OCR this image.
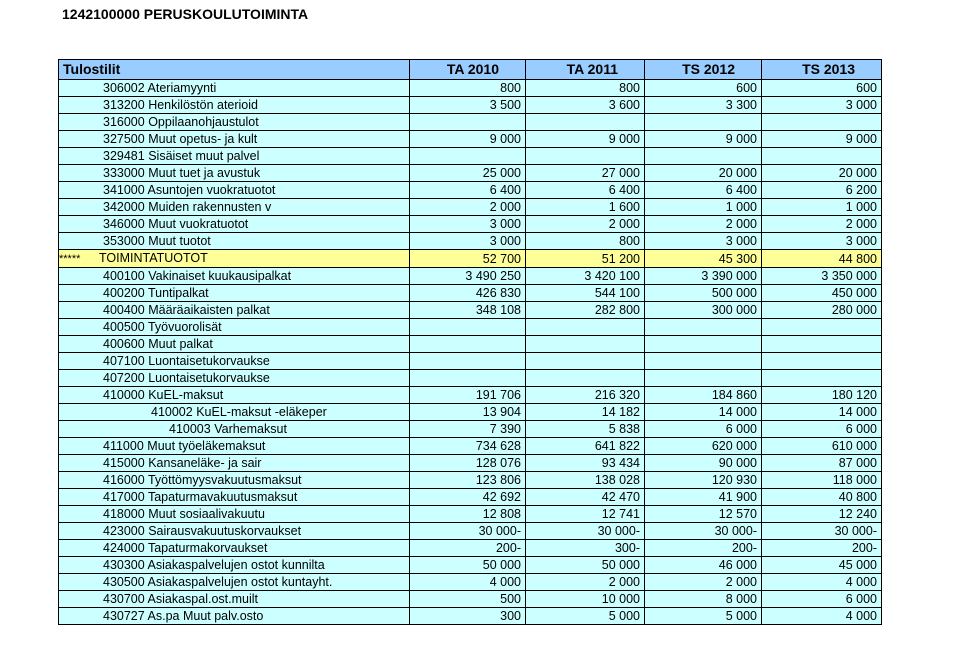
1242100000 PERUSKOULUTOIMINTA
Tulostilit	TA 2010	TA 2011	TS 2012	TS 2013
306002 Ateriamyynti	800	800	600	600
313200 Henkilöstön aterioid	3 500	3 600	3 300	3 000
316000 Oppilaanohjaustulot				
327500 Muut opetus- ja kult	9 000	9 000	9 000	9 000
329481 Sisäiset muut palvel				
333000 Muut tuet ja avustuk	25 000	27 000	20 000	20 000
341000 Asuntojen vuokratuotot	6 400	6 400	6 400	6 200
342000 Muiden rakennusten v	2 000	1 600	1 000	1 000
346000 Muut vuokratuotot	3 000	2 000	2 000	2 000
353000 Muut tuotot	3 000	800	3 000	3 000
***** TOIMINTATUOTOT	52 700	51 200	45 300	44 800
400100 Vakinaiset kuukausipalkat	3 490 250	3 420 100	3 390 000	3 350 000
400200 Tuntipalkat	426 830	544 100	500 000	450 000
400400 Määräaikaisten palkat	348 108	282 800	300 000	280 000
400500 Työvuorolisät				
400600 Muut palkat				
407100 Luontaisetukorvaukse				
407200 Luontaisetukorvaukse				
410000 KuEL-maksut	191 706	216 320	184 860	180 120
410002 KuEL-maksut -eläkeper	13 904	14 182	14 000	14 000
410003 Varhemaksut	7 390	5 838	6 000	6 000
411000 Muut työeläkemaksut	734 628	641 822	620 000	610 000
415000 Kansaneläke- ja sair	128 076	93 434	90 000	87 000
416000 Työttömyysvakuutusmaksut	123 806	138 028	120 930	118 000
417000 Tapaturmavakuutusmaksut	42 692	42 470	41 900	40 800
418000 Muut sosiaalivakuutu	12 808	12 741	12 570	12 240
423000 Sairausvakuutuskorvaukset	30 000-	30 000-	30 000-	30 000-
424000 Tapaturmakorvaukset	200-	300-	200-	200-
430300 Asiakaspalvelujen ostot kunnilta	50 000	50 000	46 000	45 000
430500 Asiakaspalvelujen ostot kuntayht.	4 000	2 000	2 000	4 000
430700 Asiakaspal.ost.muilt	500	10 000	8 000	6 000
430727 As.pa Muut palv.osto	300	5 000	5 000	4 000
